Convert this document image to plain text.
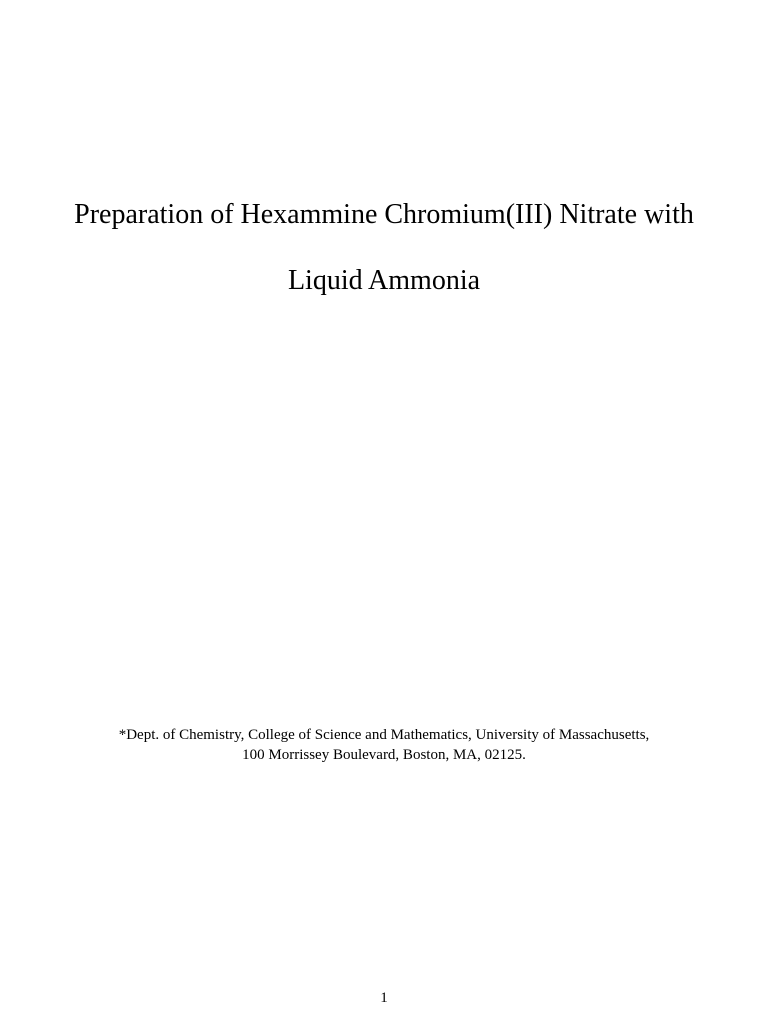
Preparation of Hexammine Chromium(III) Nitrate with
Liquid Ammonia
*Dept. of Chemistry, College of Science and Mathematics, University of Massachusetts,
100 Morrissey Boulevard, Boston, MA, 02125.
1
